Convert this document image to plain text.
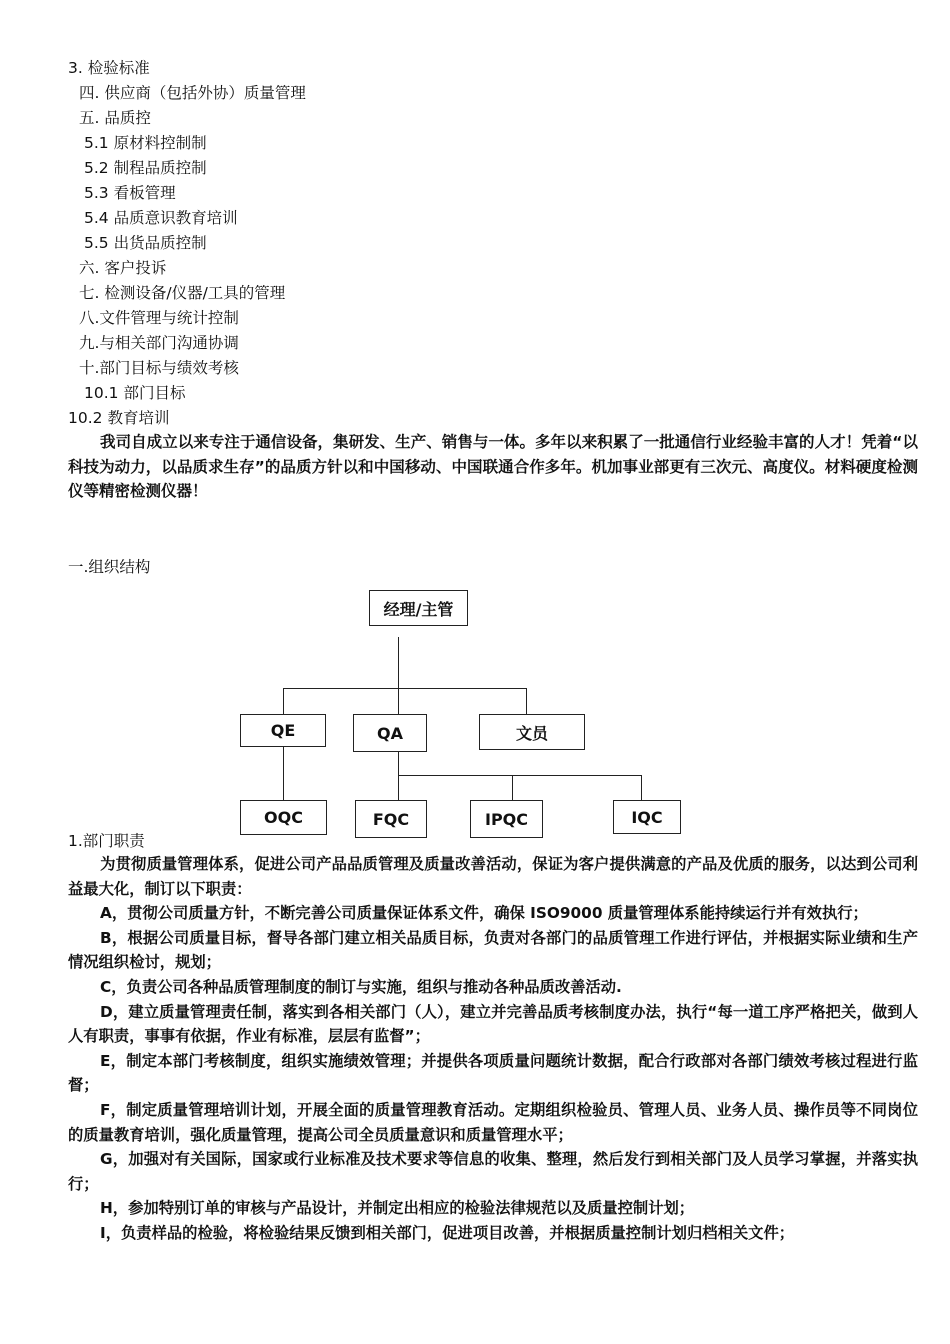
3. 检验标准
四. 供应商（包括外协）质量管理
五. 品质控
5.1 原材料控制制
5.2 制程品质控制
5.3 看板管理
5.4 品质意识教育培训
5.5 出货品质控制
六. 客户投诉
七. 检测设备/仪器/工具的管理
八.文件管理与统计控制
九.与相关部门沟通协调
十.部门目标与绩效考核
10.1 部门目标
10.2 教育培训
我司自成立以来专注于通信设备，集研发、生产、销售与一体。多年以来积累了一批通信行业经验丰富的人才！凭着“以科技为动力，以品质求生存”的品质方针以和中国移动、中国联通合作多年。机加事业部更有三次元、高度仪。材料硬度检测仪等精密检测仪器！
一.组织结构
经理/主管
QE	QA	文员
OQC	FQC	IPQC	IQC
1.部门职责

为贯彻质量管理体系，促进公司产品品质管理及质量改善活动，保证为客户提供满意的产品及优质的服务，以达到公司利益最大化，制订以下职责：

A，贯彻公司质量方针，不断完善公司质量保证体系文件，确保 ISO9000 质量管理体系能持续运行并有效执行；

B，根据公司质量目标，督导各部门建立相关品质目标，负责对各部门的品质管理工作进行评估，并根据实际业绩和生产情况组织检讨，规划；

C，负责公司各种品质管理制度的制订与实施，组织与推动各种品质改善活动.

D，建立质量管理责任制，落实到各相关部门（人），建立并完善品质考核制度办法，执行“每一道工序严格把关，做到人人有职责，事事有依据，作业有标准，层层有监督”；

E，制定本部门考核制度，组织实施绩效管理；并提供各项质量问题统计数据，配合行政部对各部门绩效考核过程进行监督；

F，制定质量管理培训计划，开展全面的质量管理教育活动。定期组织检验员、管理人员、业务人员、操作员等不同岗位的质量教育培训，强化质量管理，提高公司全员质量意识和质量管理水平；

G，加强对有关国际，国家或行业标准及技术要求等信息的收集、整理，然后发行到相关部门及人员学习掌握，并落实执行；

H，参加特别订单的审核与产品设计，并制定出相应的检验法律规范以及质量控制计划；

I，负责样品的检验，将检验结果反馈到相关部门，促进项目改善，并根据质量控制计划归档相关文件；
